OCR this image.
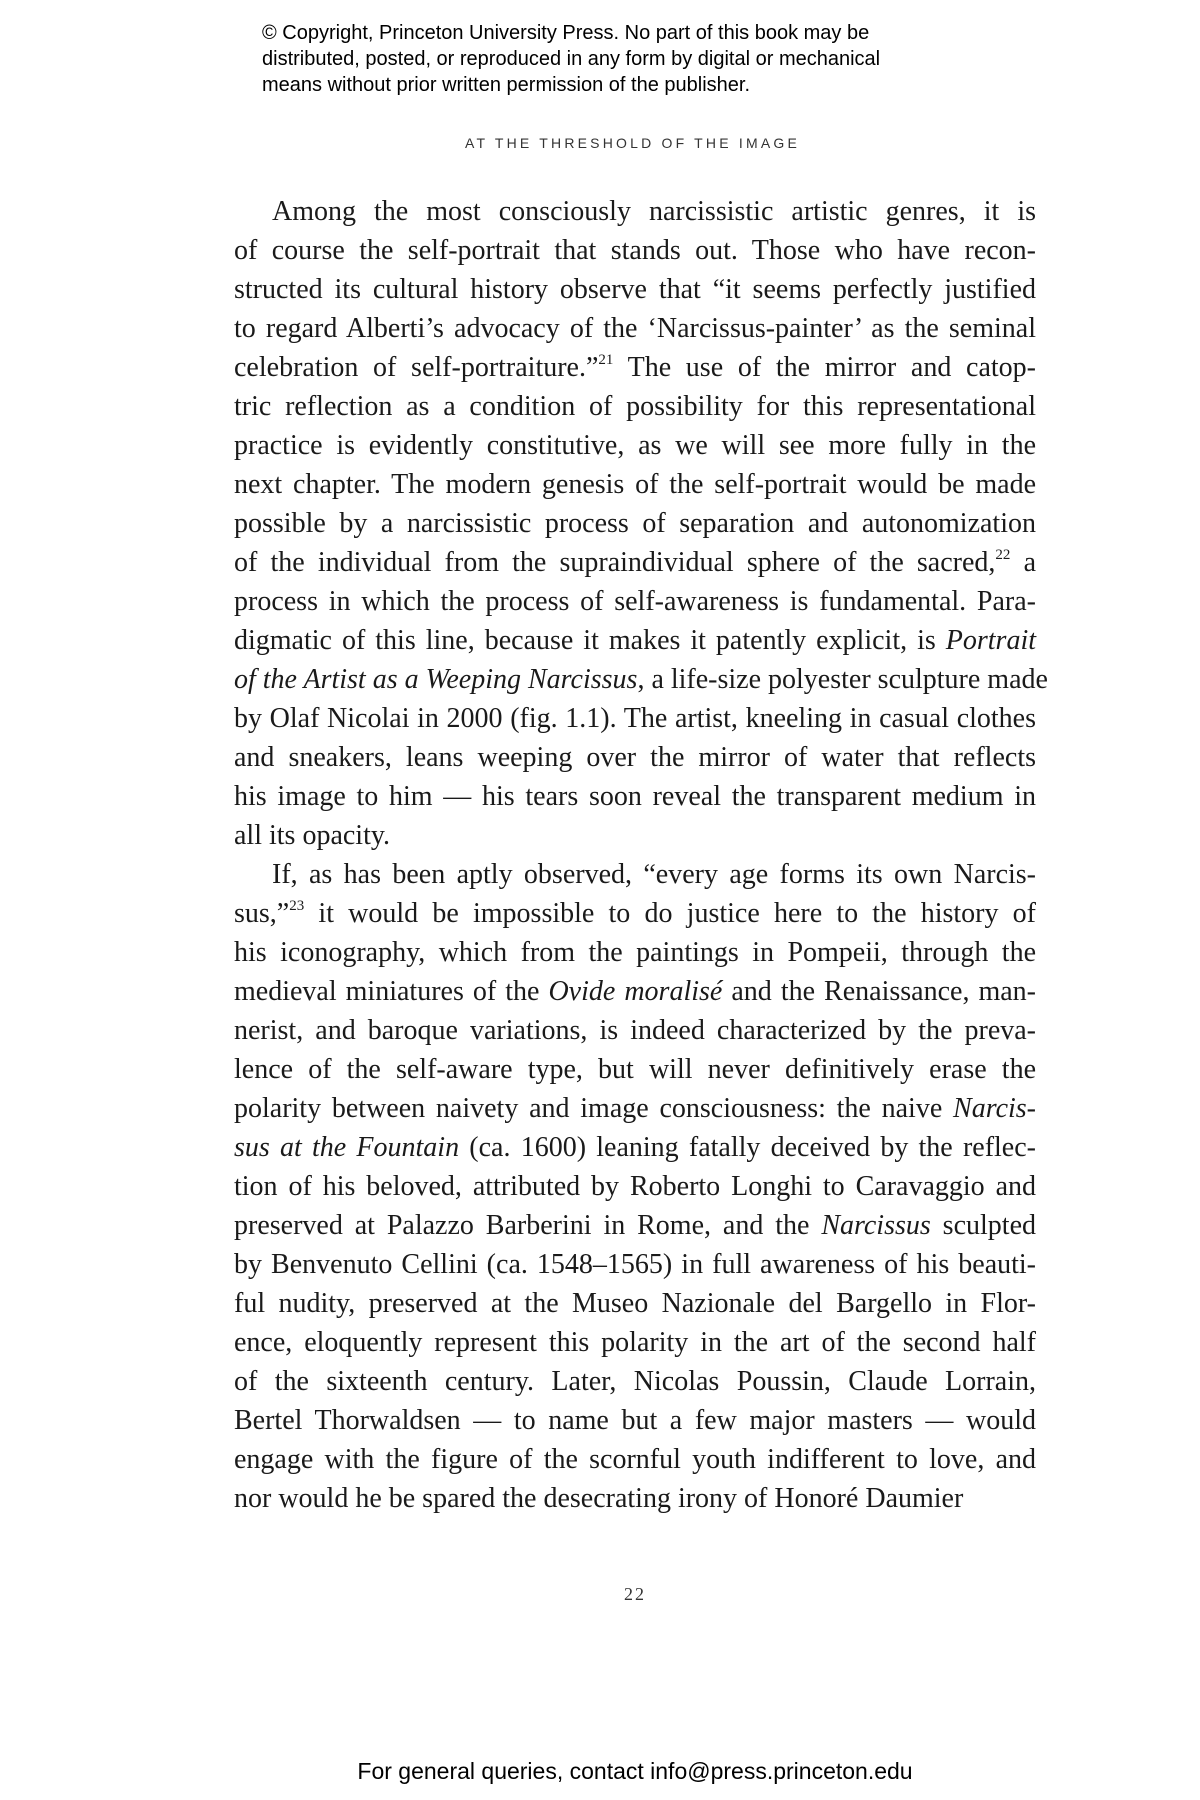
© Copyright, Princeton University Press. No part of this book may be
distributed, posted, or reproduced in any form by digital or mechanical
means without prior written permission of the publisher.
AT THE THRESHOLD OF THE IMAGE
Among the most consciously narcissistic artistic genres, it is
of course the self-portrait that stands out. Those who have recon-
structed its cultural history observe that “it seems perfectly justified
to regard Alberti’s advocacy of the ‘Narcissus-painter’ as the seminal
celebration of self-portraiture.”$^{21}$ The use of the mirror and catop-
tric reflection as a condition of possibility for this representational
practice is evidently constitutive, as we will see more fully in the
next chapter. The modern genesis of the self-portrait would be made
possible by a narcissistic process of separation and autonomization
of the individual from the supraindividual sphere of the sacred,$^{22}$ a
process in which the process of self-awareness is fundamental. Para-
digmatic of this line, because it makes it patently explicit, is Portrait
of the Artist as a Weeping Narcissus, a life-size polyester sculpture made
by Olaf Nicolai in 2000 (fig. 1.1). The artist, kneeling in casual clothes
and sneakers, leans weeping over the mirror of water that reflects
his image to him — his tears soon reveal the transparent medium in
all its opacity.
If, as has been aptly observed, “every age forms its own Narcis-
sus,”$^{23}$ it would be impossible to do justice here to the history of
his iconography, which from the paintings in Pompeii, through the
medieval miniatures of the Ovide moralisé and the Renaissance, man-
nerist, and baroque variations, is indeed characterized by the preva-
lence of the self-aware type, but will never definitively erase the
polarity between naivety and image consciousness: the naive Narcis-
sus at the Fountain (ca. 1600) leaning fatally deceived by the reflec-
tion of his beloved, attributed by Roberto Longhi to Caravaggio and
preserved at Palazzo Barberini in Rome, and the Narcissus sculpted
by Benvenuto Cellini (ca. 1548–1565) in full awareness of his beauti-
ful nudity, preserved at the Museo Nazionale del Bargello in Flor-
ence, eloquently represent this polarity in the art of the second half
of the sixteenth century. Later, Nicolas Poussin, Claude Lorrain,
Bertel Thorwaldsen — to name but a few major masters — would
engage with the figure of the scornful youth indifferent to love, and
nor would he be spared the desecrating irony of Honoré Daumier
22
For general queries, contact info@press.princeton.edu
